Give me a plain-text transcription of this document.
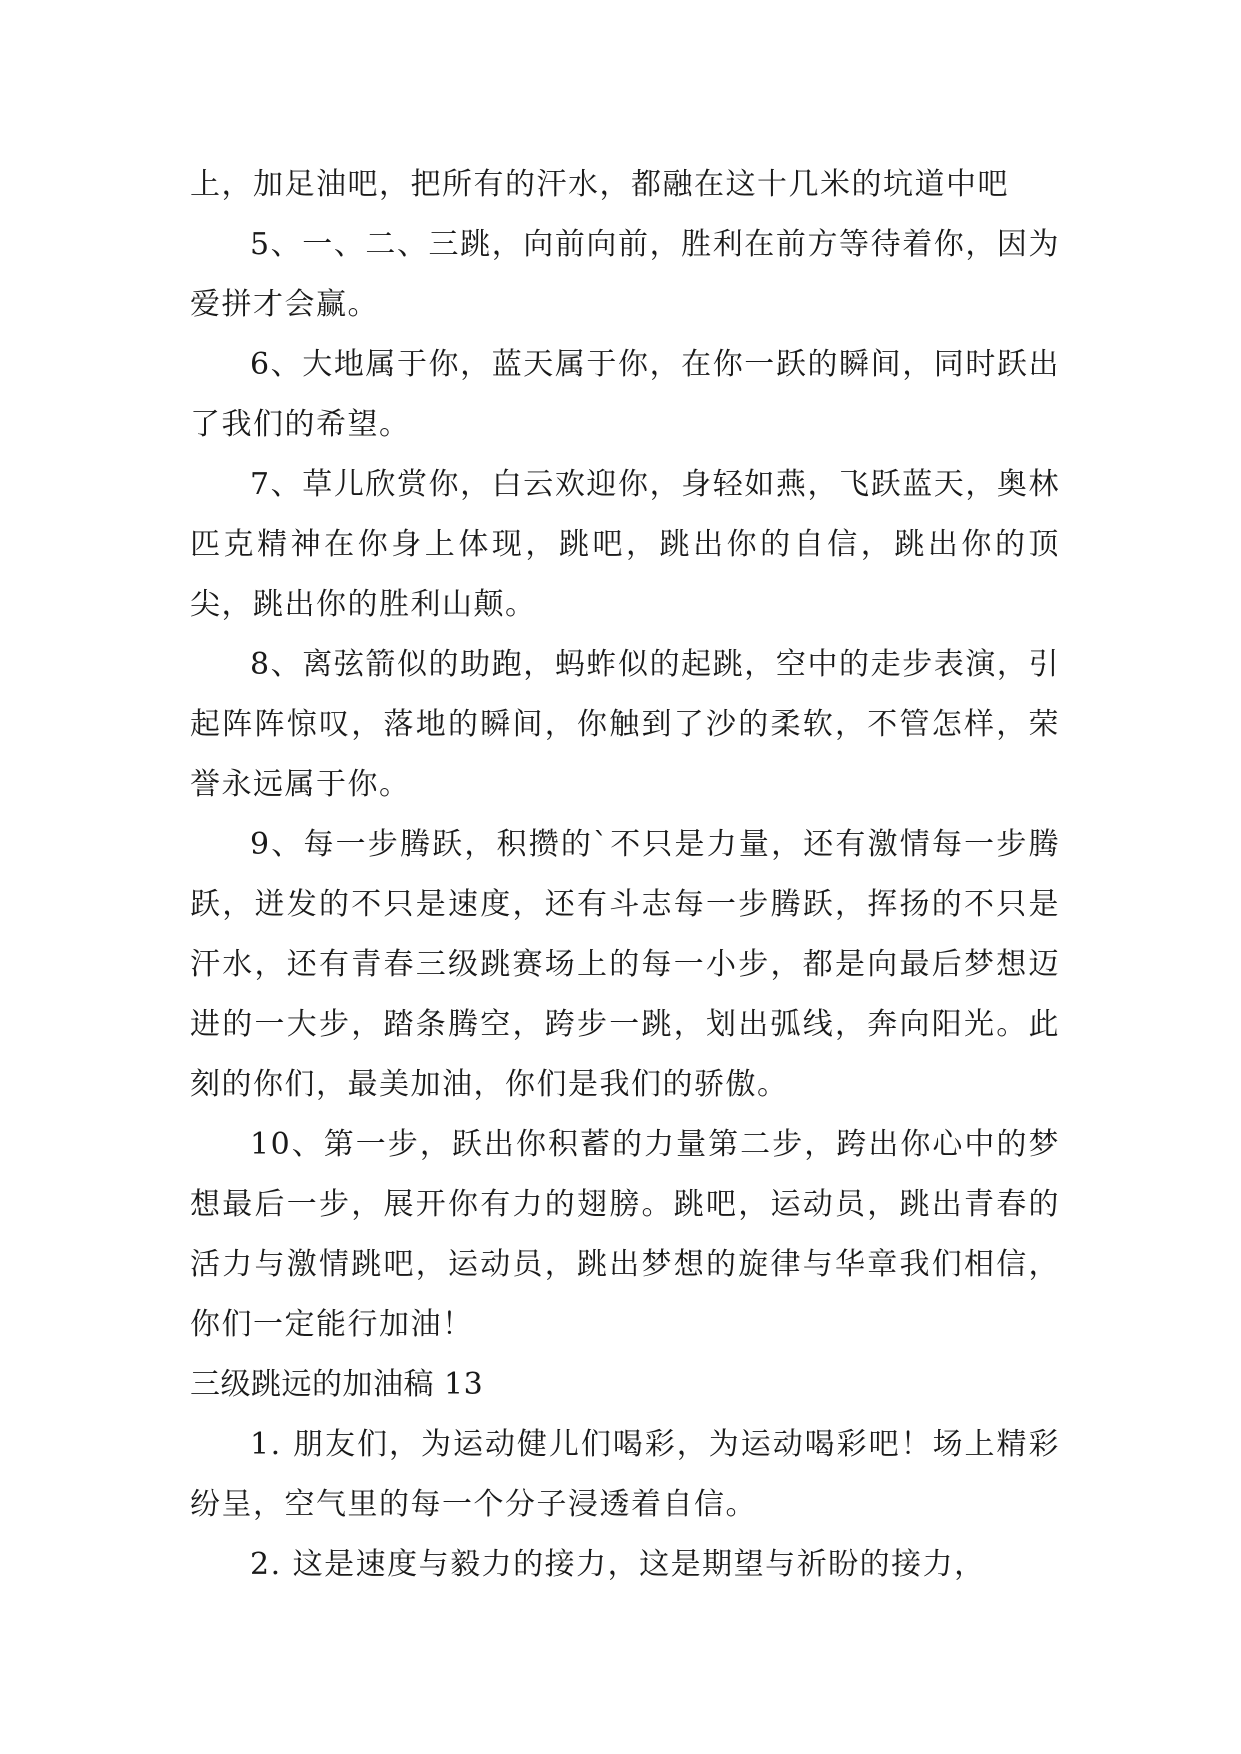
上，加足油吧，把所有的汗水，都融在这十几米的坑道中吧

5、一、二、三跳，向前向前，胜利在前方等待着你，因为爱拼才会赢。

6、大地属于你，蓝天属于你，在你一跃的瞬间，同时跃出了我们的希望。

7、草儿欣赏你，白云欢迎你，身轻如燕，飞跃蓝天，奥林匹克精神在你身上体现，跳吧，跳出你的自信，跳出你的顶尖，跳出你的胜利山颠。

8、离弦箭似的助跑，蚂蚱似的起跳，空中的走步表演，引起阵阵惊叹，落地的瞬间，你触到了沙的柔软，不管怎样，荣誉永远属于你。

9、每一步腾跃，积攒的`不只是力量，还有激情每一步腾跃，迸发的不只是速度，还有斗志每一步腾跃，挥扬的不只是汗水，还有青春三级跳赛场上的每一小步，都是向最后梦想迈进的一大步，踏条腾空，跨步一跳，划出弧线，奔向阳光。此刻的你们，最美加油，你们是我们的骄傲。

10、第一步，跃出你积蓄的力量第二步，跨出你心中的梦想最后一步，展开你有力的翅膀。跳吧，运动员，跳出青春的活力与激情跳吧，运动员，跳出梦想的旋律与华章我们相信，你们一定能行加油！

三级跳远的加油稿 13

1. 朋友们，为运动健儿们喝彩，为运动喝彩吧！场上精彩纷呈，空气里的每一个分子浸透着自信。

2. 这是速度与毅力的接力，这是期望与祈盼的接力，
